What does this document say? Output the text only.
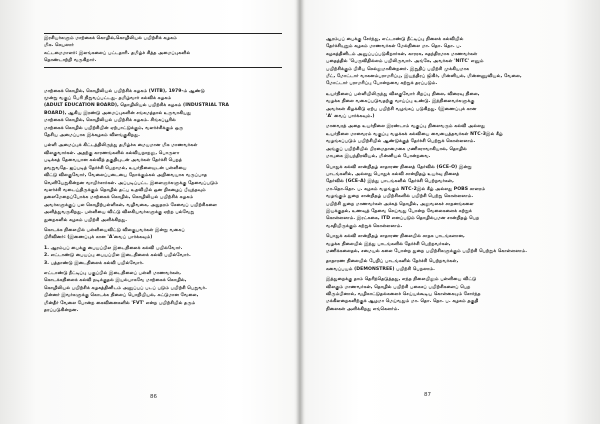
இரசியர்களும் மாற்கைக் கொழில்,கொழிலியல் பயிற்சிக் கழகம்
மிக. செயலார்
சுட்டமைமாளர்: இளங்கலைப் பட்டதாரி. தமிழ்ச் சித்த அமைப்புகளில்
தொண்டாற்றி வருகிறார்.
மாற்கைக் கொழில், கொழிலியல் பயிற்சிக் கழகம் (VITB), 1979-ம் ஆண்டு
மூன்று வகுப் பேரி நிறுவப்பட்டது. தமிழ்வார் கல்விக் கழகம்
(ADULT EDUCATION BOARD), தொழிலியல் பயிற்சிக் கழகம் (INDUSTRIAL TRA
BOARD), ஆகிய இரண்டு அமைப்புகளின் சங்கமத்தால் உருவாகியது
மாற்கைக் கொழில், கொழிலியல் பயிற்சிக் கழகம். சிங்கப்பூரில்
மாற்கைக் கொழில் பயிற்சியின் ஏற்பாட்டுக்கும், வளர்ச்சிக்கும் ஒரு
தேசிய அமைப்பாக இக்கழகம் விளங்குகிறது.
பள்ளி அமைப்புக் கிட்டத்திலிருந்து தமிழ்ச்சு மையமான மிக மாணவர்கள்
விலகுவார்கள். அதற்கு காரணங்களில் கல்வியறாறலு, பொருளா
படிக்கத் தேவையான கல்வித் தகுதியுடன் அவர்கள் தேர்ச்சி பெறத்
தவறுவதே. ஐப்படித் தேர்ச்சி பெறாமல், உயர்நிலையுடன் பள்ளியை
விட்டு விலகுவோர், வேலைப்படையை நோக்கும்கல் அறிவையாக வருப்பாத
வெளியேறுகின்றன வாயிர்சார்கள். அப்படிப்பட்ட இளைஞர்களுக்கு தேவைப்படும்
வளர்ச்சி வடைய்திருக்கும் தொழில் தட்ப உதவியில் ஒன றிகழைப் பீயுந்தவும்
தலைமேறைப்போக்க மாற்கைக் கொழில், கொழிலியல் பயிற்சிக் கழகம்
அவர்களுக்குப் பல கொழிற்பள்ளிகள், வழிவகை, அதுதரம் சேவைப் பயிற்சிகளை
அளித்துவருகிறது. பள்ளியை விட்டு விலகியவர்களுக்கு ஏற்ற பல்வேறு
துறைகளில் கழகம் பயிற்சி அளிக்கிறது.
கொடக்க நிலையில் பள்ளியைவிட்டு விலகுபவர்கள் இன்று வகைப்
பிரிவினர்: (இணைப்புக் கான 'A'வைப் பார்க்கவும்)
1. ஆரம்பப் பைக்கு பையப்பில இடைநிலைக் கல்வி பயில்வோர்.
2. எட்டாண்டு பையப்பு பையப்பில இடைநிலைக் கல்வி பயில்வோர்.
3. பத்தாண்டு இடைநிலைக் கல்வி பயில்வோர்.
எட்டாண்டு நீட்டிப்பு பகுப்பில் இடைநிலைப் பள்ளி மாணவர்கள்,
கொடக்கநிலைக் கல்வி நடிக்குதல் இயல்பாகவே மாற்கைக் கொழில்,
கொழிலியல் பயிற்சிக் கழகத்தினிடம் அனுப்பப் படப் படும் பயிற்சி பெறுவர்.
பின்னர் இவர்களுக்கு கொடக்க நிலைப் பொறியியல், சுட்டுமான வேலை,
மின்தீர் வேலை போன்ற கைவினைகளில் 'FVT' என்ற பயிற்சியில் தரும்
தரப்படுகின்றன.
86
ஆரம்பப் பைக்கு சேர்ந்து, எட்டாண்டு நீட்டிப்பு நிலைக் கல்வியில்
தேர்ச்சியுறும் கழகம் மாணவர்கள் மேல்நிலை மா. தொ. தொ. ப.
கழகத்தினிடம் அனுப்பப்படுகிறார்கள், காரரக, சுதந்திரமாக மாணவர்கள்
பதைத்தில் 'பெருவிதில்லம் பயிலிருவார். அங்கே, அவர்கள் 'NITC' எனும்
பயிற்சிக்கும் பிசிய செல்லுமாகின்றனர். இறுதிப் பயிற்சி முக்கியமாக
மீட், மோட்டார் வாகனம்பராமரிப்பு, இயந்திரப் ஜிகிர், மின்னியல், மின்னணுவியல், வேலை,
மோட்டார் பராமரிப்பு போன்றவை கற்றுக் தரப்படும்.
உயர்நிலைப் பள்ளியிலிருந்து விலகுவோர் சிறப்பு நிலை, விரைவு நிலை,
வழக்க நிலை வகைப்படுவதற்கு வாய்ப்பு உண்டு. இந்நிலைவர்களுக்கு
அவர்கள் கிழக்கிடு ஏற்ப பயிற்சி வழங்கப் படுகிறது. (இணைப்புக் கான
'A' வைப் பார்க்கவும்.)
மாவைரத் அதை உயர்நிலை இரண்டாம் வகுப்பு நிலைவரும் கல்வி அல்லது
உயர்நிலை மாவைரம் வகுப்பு வழக்கக் கல்வியை வையைத்தவர்கள் NTC-3இல் கீழ்
வழங்கப்படும் பயிற்சியில் ஆண்டுக்குத் தேர்ச்சி பெற்றுக் கொள்ளலாம்.
அங்குப் பயிற்சியில் பிரமைதாமைகை மணிசராவாகியால், தொழில்
மாபுகை இயந்திரவியல், மின்னியல் போன்றவை.
பொதுக் கல்வி சான்றிதழ் சாதாரண நிலைத் தேர்வில் (GCE-O) இன்று
பாடங்களில், அல்லது பொதுக் கல்வி சான்றிதழ் உயர்வு நிலைத்
தேர்வில் (GCE-A) இந்து பாடங்களில் தேர்ச்சி பெற்றவர்கள்,
மா.தொ.தொ. ப. கழகம் வழங்கும் NTC-2இல் கீழ் அல்லது POBS சாளரம்
வழங்கும் துறை சான்றிதழ் பயிற்சிகளில் பயிற்சி பெற்று கொள்ளலாம்.
பயிற்சி துறை மாணவர்கள் அச்சுத் தொழில், அலுவலகச் சாதனங்களை
இயக்குதல், உணவுத் தேவை செய்வது போன்ற வேலைகளைக் கற்றுக்
கொள்ளலாம். இரட்சுகை, ITD எனப்படும் தொழில்பமன சான்றிதழ் பெற
வசதியிருக்கும் கற்றுக் கொள்ளலாம்.
பொதுக் கல்வி சான்றிதழ் சாதாரண நிலையில் சாதக பாடங்களான,
வழக்க நிலையில் இந்து பாடங்களில் தேர்ச்சி பெற்றவர்கள்,
மணிக்கலைதல், சமையல் கலை போன்ற துறை பயிற்சிகளுக்கும் பயிற்சி பெற்றுக் கொள்ளலாம்.
தாதாரண நிலையில் பேறிப் பாடங்களில் தேர்ச்சி பெற்றவர்கள்,
சுவைப்பயம் (DEMONSTREE) பயிற்சி பெறலாம்.
இத்துறைக்கு தாம் தெரிந்தெடுத்தது, எந்த நிலையிலும் பள்ளியை விட்டு
விலகும் மாணவர்கள், தொழில் பயிற்சி பகைசப் பயிற்சிகளைப் பெற
விரும்பினால், வழிகாட்டுதல்களைச் செய்யக்கூடிய கொள்கையும் சோர்ந்த
மக்கிளறைகளிற்குக் ஆழமா மெய்வதும் மா. தொ. தொ. ப. கழகம் தகுதி
நிலைகள் அளிக்கிறது எங்கெளர்ம்.
87
